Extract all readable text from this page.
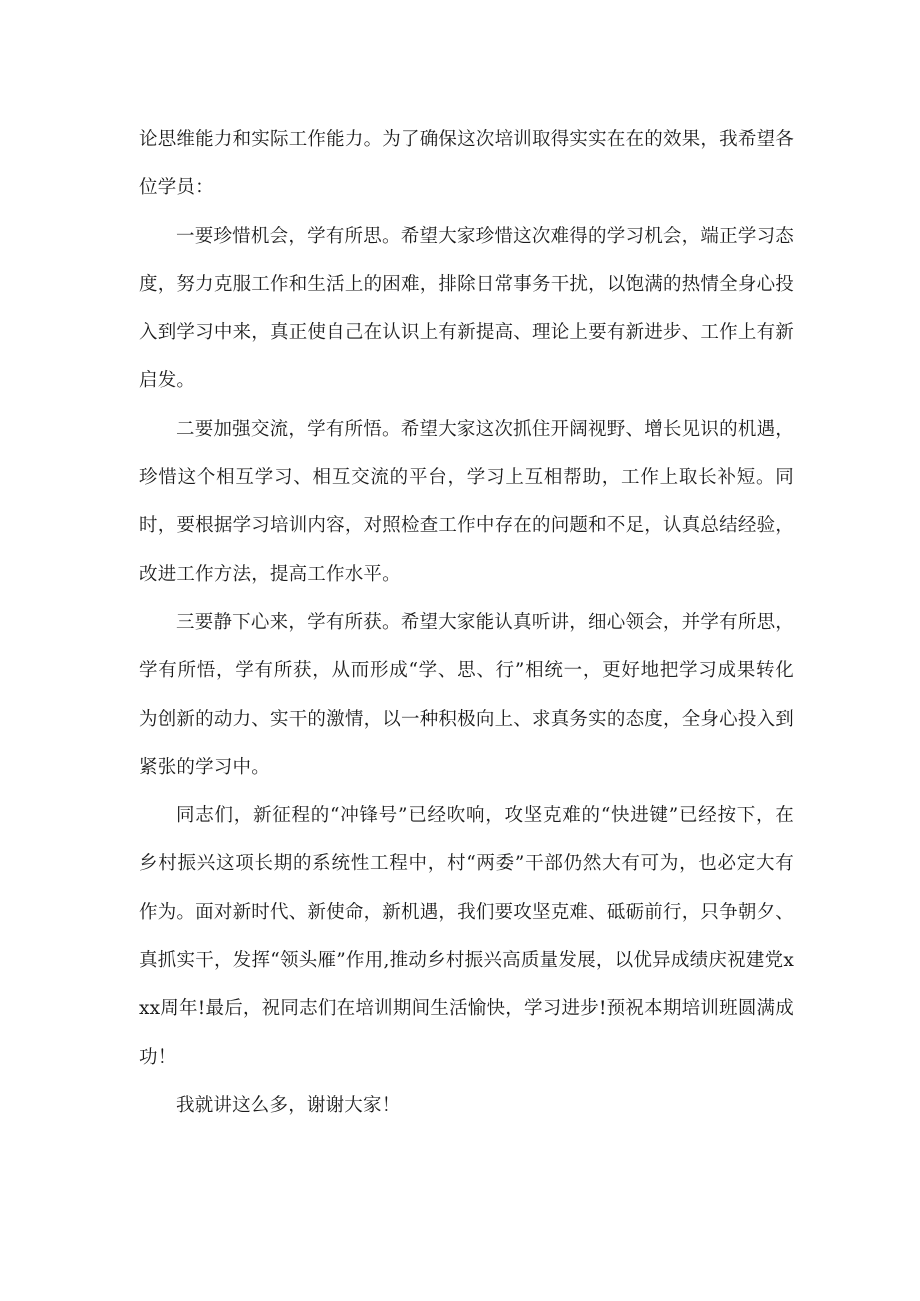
论思维能力和实际工作能力。为了确保这次培训取得实实在在的效果，我希望各位学员：

一要珍惜机会，学有所思。希望大家珍惜这次难得的学习机会，端正学习态度，努力克服工作和生活上的困难，排除日常事务干扰，以饱满的热情全身心投入到学习中来，真正使自己在认识上有新提高、理论上要有新进步、工作上有新启发。

二要加强交流，学有所悟。希望大家这次抓住开阔视野、增长见识的机遇，珍惜这个相互学习、相互交流的平台，学习上互相帮助，工作上取长补短。同时，要根据学习培训内容，对照检查工作中存在的问题和不足，认真总结经验，改进工作方法，提高工作水平。

三要静下心来，学有所获。希望大家能认真听讲，细心领会，并学有所思，学有所悟，学有所获，从而形成“学、思、行”相统一，更好地把学习成果转化为创新的动力、实干的激情，以一种积极向上、求真务实的态度，全身心投入到紧张的学习中。

同志们，新征程的“冲锋号”已经吹响，攻坚克难的“快进键”已经按下，在乡村振兴这项长期的系统性工程中，村“两委”干部仍然大有可为，也必定大有作为。面对新时代、新使命，新机遇，我们要攻坚克难、砥砺前行，只争朝夕、真抓实干，发挥“领头雁”作用,推动乡村振兴高质量发展，以优异成绩庆祝建党xxx周年!最后，祝同志们在培训期间生活愉快，学习进步!预祝本期培训班圆满成功！

我就讲这么多，谢谢大家！
